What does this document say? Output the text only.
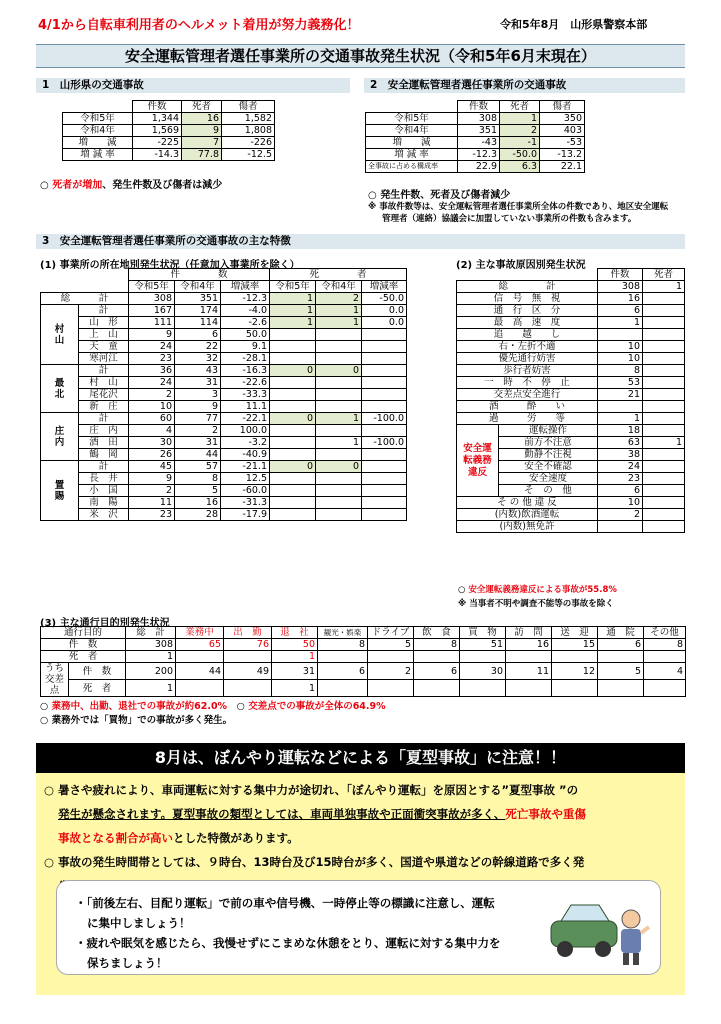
4/1から自転車利用者のヘルメット着用が努力義務化！	令和5年8月　山形県警察本部
安全運転管理者選任事業所の交通事故発生状況（令和5年6月末現在）
1　山形県の交通事故
	件数	死者	傷者
令和5年	1,344	16	1,582
令和4年	1,569	9	1,808
増　　減	-225	7	-226
増 減 率	-14.3	77.8	-12.5
○ 死者が増加、発生件数及び傷者は減少
2　安全運転管理者選任事業所の交通事故
	件数	死者	傷者
令和5年	308	1	350
令和4年	351	2	403
増　　減	-43	-1	-53
増 減 率	-12.3	-50.0	-13.2
全事故に占める構成率	22.9	6.3	22.1
○ 発生件数、死者及び傷者減少
※ 事故件数等は、安全運転管理者選任事業所全体の件数であり、地区安全運転
管理者（連絡）協議会に加盟していない事業所の件数も含みます。
3　安全運転管理者選任事業所の交通事故の主な特徴
(1) 事業所の所在地別発生状況（任意加入事業所を除く）
		件　　　　数			死　　　　者		
		令和5年	令和4年	増減率	令和5年	令和4年	増減率
総　　　計		308	351	-12.3	1	2	-50.0
村
山	計	167	174	-4.0	1	1	0.0
	山　形	111	114	-2.6	1	1	0.0
	上　山	9	6	50.0			
	天　童	24	22	9.1			
	寒河江	23	32	-28.1			
最
北	計	36	43	-16.3	0	0	
	村　山	24	31	-22.6			
	尾花沢	2	3	-33.3			
	新　庄	10	9	11.1			
庄
内	計	60	77	-22.1	0	1	-100.0
	庄　内	4	2	100.0			
	酒　田	30	31	-3.2		1	-100.0
	鶴　岡	26	44	-40.9			
置
賜	計	45	57	-21.1	0	0	
	長　井	9	8	12.5			
	小　国	2	5	-60.0			
	南　陽	11	16	-31.3			
	米　沢	23	28	-17.9			
(2) 主な事故原因別発生状況
		件数	死者
総　　　　計		308	1
信　号　無　視		16	
通　行　区　分		6	
最　高　速　度		1	
追　　越　　し			
右・左折不適		10	
優先通行妨害		10	
歩行者妨害		8	
一　時　不　停　止		53	
交差点安全進行		21	
酒　　　酔　　い			
過　　　労　　等		1	
安全運転義務違反	運転操作	18	
	前方不注意	63	1
	動静不注視	38	
	安全不確認	24	
	安全速度	23	
	そ　の　他	6	
そ の 他 違 反		10	
(内数)飲酒運転		2	
(内数)無免許			
○ 安全運転義務違反による事故が55.8%
※ 当事者不明や調査不能等の事故を除く
(3) 主な通行目的別発生状況
通行目的		総　計	業務中	出　勤	退　社	観光・娯楽	ドライブ	飲　食	買　物	訪　問	送　迎	通　院	その他
件　数		308	65	76	50	8	5	8	51	16	15	6	8
死　者		1			1								
うち交差点	件　数	200	44	49	31	6	2	6	30	11	12	5	4
	死　者	1			1								
○ 業務中、出勤、退社での事故が約62.0%　○ 交差点での事故が全体の64.9%
○ 業務外では「買物」での事故が多く発生。
8月は、ぼんやり運転などによる「夏型事故」に注意！！
○ 暑さや疲れにより、車両運転に対する集中力が途切れ、「ぼんやり運転」を原因とする”夏型事故 ”の
発生が懸念されます。夏型事故の類型としては、車両単独事故や正面衝突事故が多く、死亡事故や重傷
事故となる割合が高いとした特徴があります。
○ 事故の発生時間帯としては、９時台、13時台及び15時台が多く、国道や県道などの幹線道路で多く発
・「前後左右、目配り運転」で前の車や信号機、一時停止等の標識に注意し、運転
に集中しましょう！
・疲れや眠気を感じたら、我慢せずにこまめな休憩をとり、運転に対する集中力を
保ちましょう！
